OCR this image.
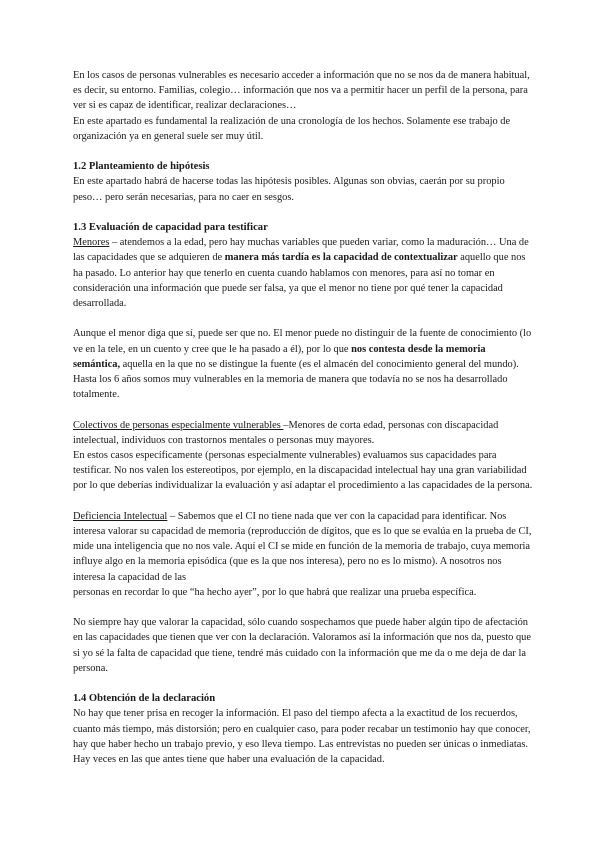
En los casos de personas vulnerables es necesario acceder a información que no se nos da de manera habitual, es decir, su entorno. Familias, colegio… información que nos va a permitir hacer un perfil de la persona, para ver si es capaz de identificar, realizar declaraciones…

En este apartado es fundamental la realización de una cronología de los hechos. Solamente ese trabajo de organización ya en general suele ser muy útil.

1.2 Planteamiento de hipótesis

En este apartado habrá de hacerse todas las hipótesis posibles. Algunas son obvias, caerán por su propio peso… pero serán necesarias, para no caer en sesgos.

1.3 Evaluación de capacidad para testificar

Menores – atendemos a la edad, pero hay muchas variables que pueden variar, como la maduración… Una de las capacidades que se adquieren de manera más tardía es la capacidad de contextualizar aquello que nos ha pasado. Lo anterior hay que tenerlo en cuenta cuando hablamos con menores, para así no tomar en consideración una información que puede ser falsa, ya que el menor no tiene por qué tener la capacidad desarrollada.

Aunque el menor diga que sí, puede ser que no. El menor puede no distinguir de la fuente de conocimiento (lo ve en la tele, en un cuento y cree que le ha pasado a él), por lo que nos contesta desde la memoria semántica, aquella en la que no se distingue la fuente (es el almacén del conocimiento general del mundo). Hasta los 6 años somos muy vulnerables en la memoria de manera que todavía no se nos ha desarrollado totalmente.

Colectivos de personas especialmente vulnerables –Menores de corta edad, personas con discapacidad intelectual, individuos con trastornos mentales o personas muy mayores.

En estos casos específicamente (personas especialmente vulnerables) evaluamos sus capacidades para testificar. No nos valen los estereotipos, por ejemplo, en la discapacidad intelectual hay una gran variabilidad por lo que deberías individualizar la evaluación y así adaptar el procedimiento a las capacidades de la persona.

Deficiencia Intelectual – Sabemos que el CI no tiene nada que ver con la capacidad para identificar. Nos interesa valorar su capacidad de memoria (reproducción de dígitos, que es lo que se evalúa en la prueba de CI, mide una inteligencia que no nos vale. Aquí el CI se mide en función de la memoria de trabajo, cuya memoria influye algo en la memoria episódica (que es la que nos interesa), pero no es lo mismo). A nosotros nos interesa la capacidad de las

personas en recordar lo que “ha hecho ayer”, por lo que habrá que realizar una prueba específica.

No siempre hay que valorar la capacidad, sólo cuando sospechamos que puede haber algún tipo de afectación en las capacidades que tienen que ver con la declaración. Valoramos así la información que nos da, puesto que si yo sé la falta de capacidad que tiene, tendré más cuidado con la información que me da o me deja de dar la persona.

1.4 Obtención de la declaración

No hay que tener prisa en recoger la información. El paso del tiempo afecta a la exactitud de los recuerdos, cuanto más tiempo, más distorsión; pero en cualquier caso, para poder recabar un testimonio hay que conocer, hay que haber hecho un trabajo previo, y eso lleva tiempo. Las entrevistas no pueden ser únicas o inmediatas. Hay veces en las que antes tiene que haber una evaluación de la capacidad.
